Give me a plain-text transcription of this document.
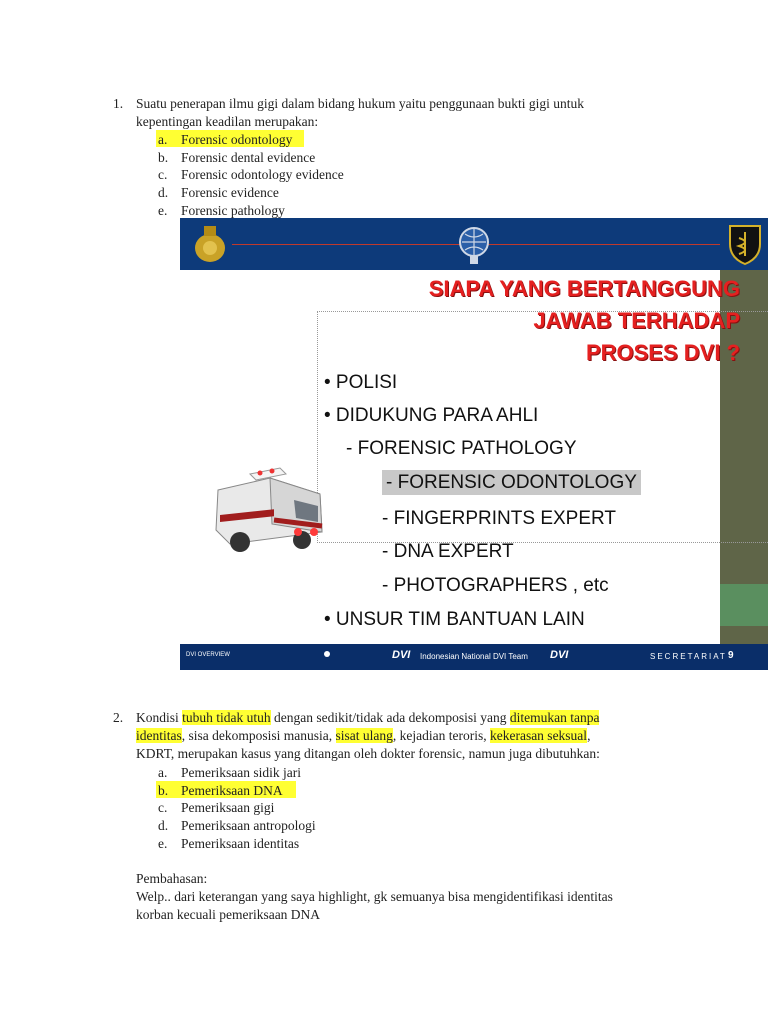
1. Suatu penerapan ilmu gigi dalam bidang hukum yaitu penggunaan bukti gigi untuk
kepentingan keadilan merupakan:
a. Forensic odontology
b. Forensic dental evidence
c. Forensic odontology evidence
d. Forensic evidence
e. Forensic pathology
SIAPA YANG BERTANGGUNG
JAWAB TERHADAP
PROSES DVI ?
• POLISI
• DIDUKUNG PARA AHLI
- FORENSIC PATHOLOGY
- FORENSIC ODONTOLOGY
- FINGERPRINTS EXPERT
- DNA EXPERT
- PHOTOGRAPHERS , etc
• UNSUR TIM BANTUAN LAIN
DVI OVERVIEW	DVI Indonesian National DVI Team DVI	SECRETARIAT 9
2. Kondisi tubuh tidak utuh dengan sedikit/tidak ada dekomposisi yang ditemukan tanpa
identitas, sisa dekomposisi manusia, sisat ulang, kejadian teroris, kekerasan seksual,
KDRT, merupakan kasus yang ditangan oleh dokter forensic, namun juga dibutuhkan:
a. Pemeriksaan sidik jari
b. Pemeriksaan DNA
c. Pemeriksaan gigi
d. Pemeriksaan antropologi
e. Pemeriksaan identitas
Pembahasan:
Welp.. dari keterangan yang saya highlight, gk semuanya bisa mengidentifikasi identitas
korban kecuali pemeriksaan DNA
